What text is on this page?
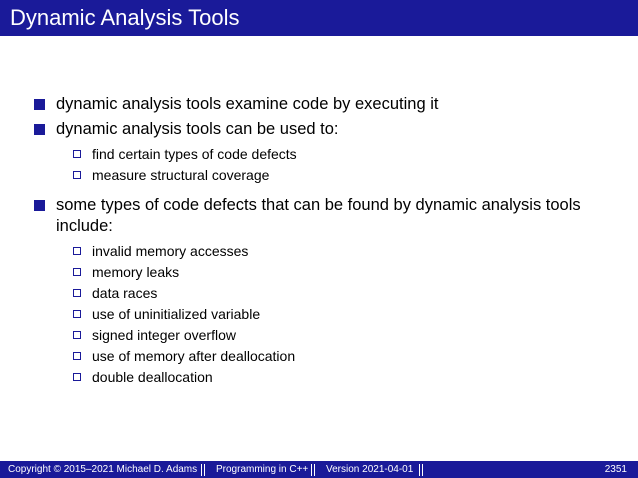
Dynamic Analysis Tools
dynamic analysis tools examine code by executing it
dynamic analysis tools can be used to:
find certain types of code defects
measure structural coverage
some types of code defects that can be found by dynamic analysis tools
include:
invalid memory accesses
memory leaks
data races
use of uninitialized variable
signed integer overflow
use of memory after deallocation
double deallocation
Copyright © 2015–2021 Michael D. Adams Programming in C++ Version 2021-04-01	2351
